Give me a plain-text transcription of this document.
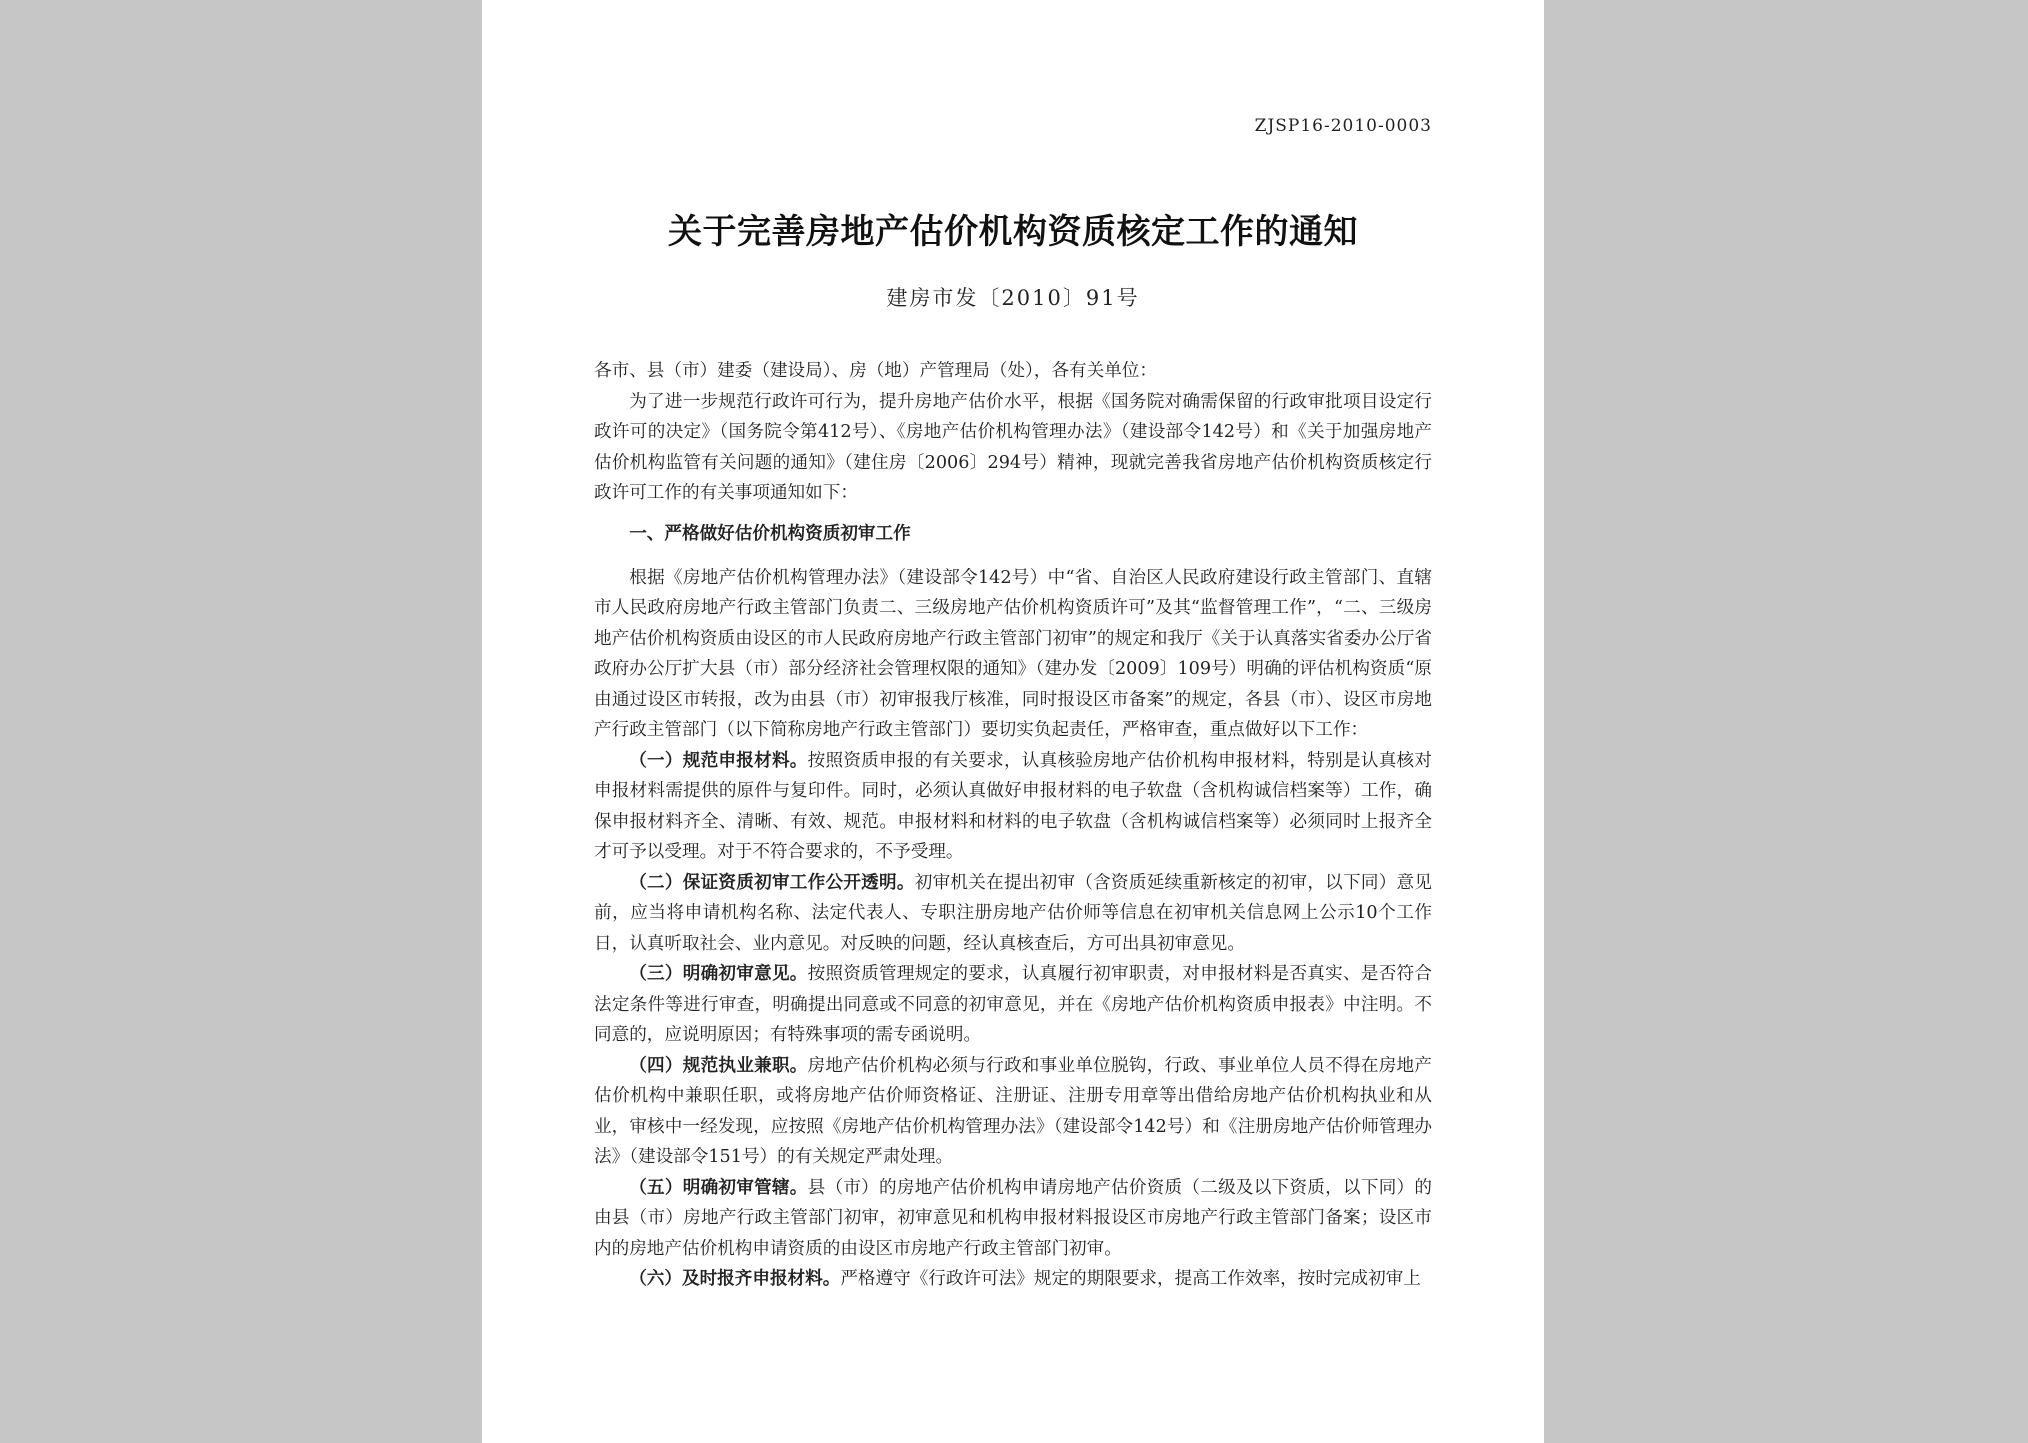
ZJSP16-2010-0003
关于完善房地产估价机构资质核定工作的通知
建房市发〔2010〕91号

各市、县（市）建委（建设局）、房（地）产管理局（处），各有关单位：

为了进一步规范行政许可行为，提升房地产估价水平，根据《国务院对确需保留的行政审批项目设定行政许可的决定》（国务院令第412号）、《房地产估价机构管理办法》（建设部令142号）和《关于加强房地产估价机构监管有关问题的通知》（建住房〔2006〕294号）精神，现就完善我省房地产估价机构资质核定行政许可工作的有关事项通知如下：

一、严格做好估价机构资质初审工作

根据《房地产估价机构管理办法》（建设部令142号）中“省、自治区人民政府建设行政主管部门、直辖市人民政府房地产行政主管部门负责二、三级房地产估价机构资质许可”及其“监督管理工作”，“二、三级房地产估价机构资质由设区的市人民政府房地产行政主管部门初审”的规定和我厅《关于认真落实省委办公厅省政府办公厅扩大县（市）部分经济社会管理权限的通知》（建办发〔2009〕109号）明确的评估机构资质“原由通过设区市转报，改为由县（市）初审报我厅核准，同时报设区市备案”的规定，各县（市）、设区市房地产行政主管部门（以下简称房地产行政主管部门）要切实负起责任，严格审查，重点做好以下工作：

（一）规范申报材料。按照资质申报的有关要求，认真核验房地产估价机构申报材料，特别是认真核对申报材料需提供的原件与复印件。同时，必须认真做好申报材料的电子软盘（含机构诚信档案等）工作，确保申报材料齐全、清晰、有效、规范。申报材料和材料的电子软盘（含机构诚信档案等）必须同时上报齐全才可予以受理。对于不符合要求的，不予受理。

（二）保证资质初审工作公开透明。初审机关在提出初审（含资质延续重新核定的初审，以下同）意见前，应当将申请机构名称、法定代表人、专职注册房地产估价师等信息在初审机关信息网上公示10个工作日，认真听取社会、业内意见。对反映的问题，经认真核查后，方可出具初审意见。

（三）明确初审意见。按照资质管理规定的要求，认真履行初审职责，对申报材料是否真实、是否符合法定条件等进行审查，明确提出同意或不同意的初审意见，并在《房地产估价机构资质申报表》中注明。不同意的，应说明原因；有特殊事项的需专函说明。

（四）规范执业兼职。房地产估价机构必须与行政和事业单位脱钩，行政、事业单位人员不得在房地产估价机构中兼职任职，或将房地产估价师资格证、注册证、注册专用章等出借给房地产估价机构执业和从业，审核中一经发现，应按照《房地产估价机构管理办法》（建设部令142号）和《注册房地产估价师管理办法》（建设部令151号）的有关规定严肃处理。

（五）明确初审管辖。县（市）的房地产估价机构申请房地产估价资质（二级及以下资质，以下同）的由县（市）房地产行政主管部门初审，初审意见和机构申报材料报设区市房地产行政主管部门备案；设区市内的房地产估价机构申请资质的由设区市房地产行政主管部门初审。

（六）及时报齐申报材料。严格遵守《行政许可法》规定的期限要求，提高工作效率，按时完成初审上
